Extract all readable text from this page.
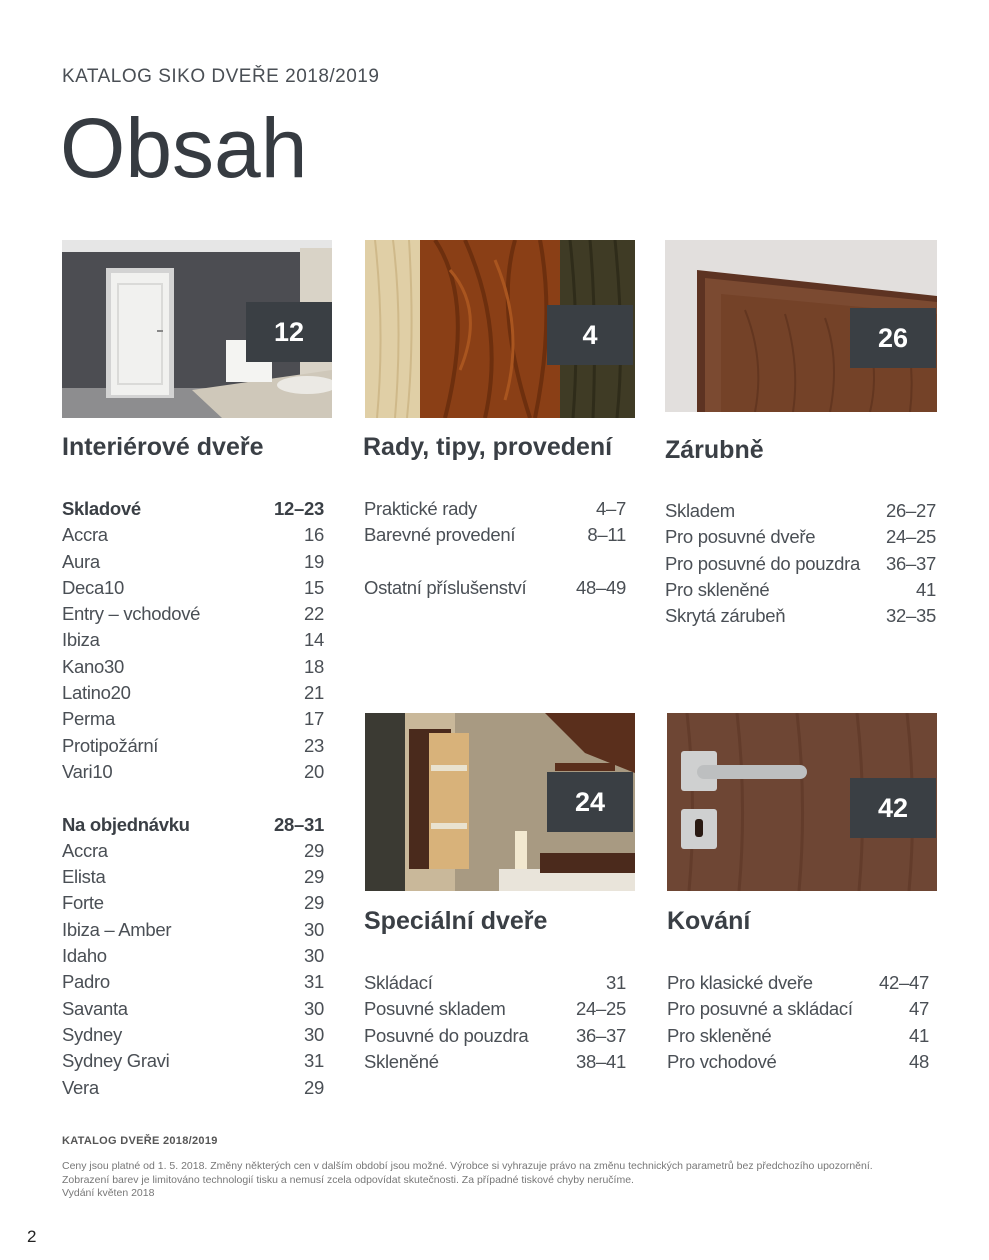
KATALOG SIKO DVEŘE 2018/2019
Obsah
12	4	26
24	42
Interiérové dveře	Rady, tipy, provedení Zárubně
Speciální dveře	Kování
Skladové	12–23
Accra	16
Aura	19
Deca10	15
Entry – vchodové	22
Ibiza	14
Kano30	18
Latino20	21
Perma	17
Protipožární	23
Vari10	20
Na objednávku	28–31
Accra	29
Elista	29
Forte	29
Ibiza – Amber	30
Idaho	30
Padro	31
Savanta	30
Sydney	30
Sydney Gravi	31
Vera	29
Praktické rady	4–7
Barevné provedení	8–11
Ostatní příslušenství	48–49
Skladem	26–27
Pro posuvné dveře	24–25
Pro posuvné do pouzdra 36–37
Pro skleněné	41
Skrytá zárubeň	32–35
Skládací	31
Posuvné skladem	24–25
Posuvné do pouzdra	36–37
Skleněné	38–41
Pro klasické dveře	42–47
Pro posuvné a skládací	47
Pro skleněné	41
Pro vchodové	48
KATALOG DVEŘE 2018/2019
Ceny jsou platné od 1. 5. 2018. Změny některých cen v dalším období jsou možné. Výrobce si vyhrazuje právo na změnu technických parametrů bez předchozího upozornění.
Zobrazení barev je limitováno technologií tisku a nemusí zcela odpovídat skutečnosti. Za případné tiskové chyby neručíme.
Vydání květen 2018
2
